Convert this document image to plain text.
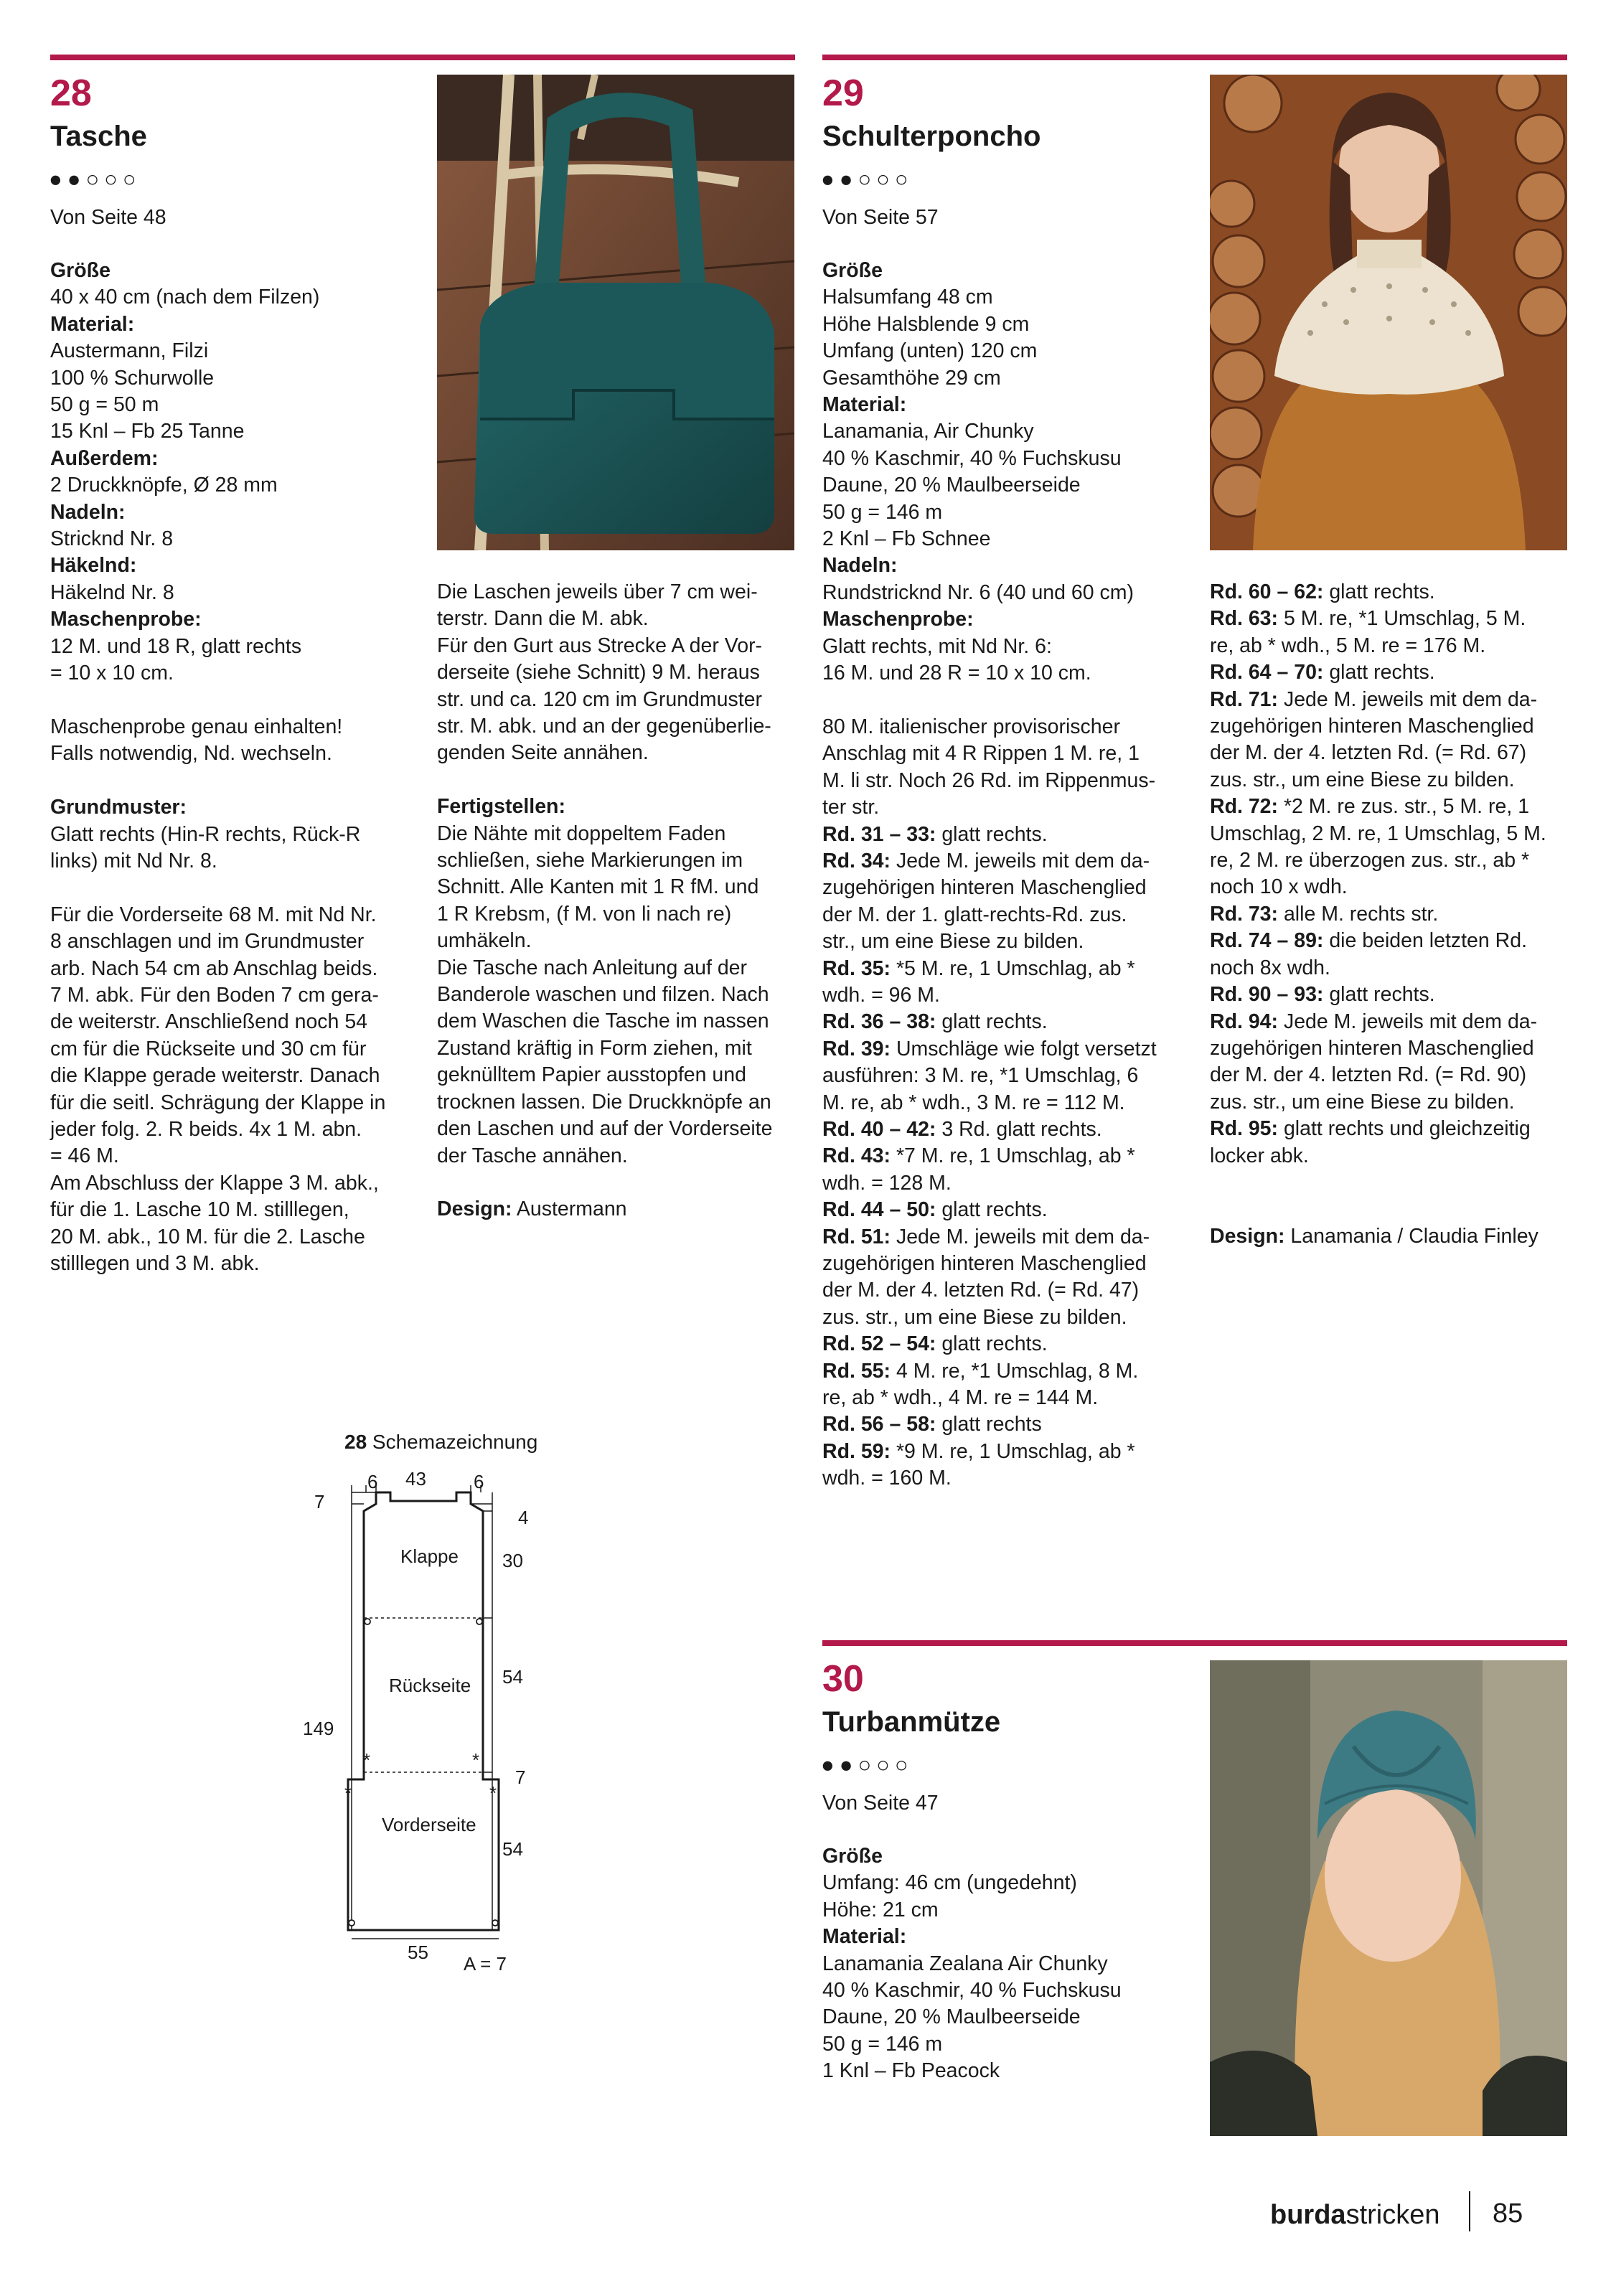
28
Tasche
●●○○○
Von Seite 48

Größe

40 x 40 cm (nach dem Filzen)

Material:

Austermann, Filzi

100 % Schurwolle

50 g = 50 m

15 Knl – Fb 25 Tanne

Außerdem:

2 Druckknöpfe, Ø 28 mm

Nadeln:

Stricknd Nr. 8

Häkelnd:

Häkelnd Nr. 8

Maschenprobe:

12 M. und 18 R, glatt rechts

= 10 x 10 cm.

Maschenprobe genau einhalten!

Falls notwendig, Nd. wechseln.

Grundmuster:

Glatt rechts (Hin-R rechts, Rück-R

links) mit Nd Nr. 8.

Für die Vorderseite 68 M. mit Nd Nr.

8 anschlagen und im Grundmuster

arb. Nach 54 cm ab Anschlag beids.

7 M. abk. Für den Boden 7 cm gera-

de weiterstr. Anschließend noch 54

cm für die Rückseite und 30 cm für

die Klappe gerade weiterstr. Danach

für die seitl. Schrägung der Klappe in

jeder folg. 2. R beids. 4x 1 M. abn.

= 46 M.

Am Abschluss der Klappe 3 M. abk.,

für die 1. Lasche 10 M. stilllegen,

20 M. abk., 10 M. für die 2. Lasche

stilllegen und 3 M. abk.

Die Laschen jeweils über 7 cm wei-

terstr. Dann die M. abk.

Für den Gurt aus Strecke A der Vor-

derseite (siehe Schnitt) 9 M. heraus

str. und ca. 120 cm im Grundmuster

str. M. abk. und an der gegenüberlie-

genden Seite annähen.

Fertigstellen:

Die Nähte mit doppeltem Faden

schließen, siehe Markierungen im

Schnitt. Alle Kanten mit 1 R fM. und

1 R Krebsm, (f M. von li nach re)

umhäkeln.

Die Tasche nach Anleitung auf der

Banderole waschen und filzen. Nach

dem Waschen die Tasche im nassen

Zustand kräftig in Form ziehen, mit

geknülltem Papier ausstopfen und

trocknen lassen. Die Druckknöpfe an

den Laschen und auf der Vorderseite

der Tasche annähen.

Design: Austermann

28 Schemazeichnung
6 43	6
7
4
30
54
7
54
149
55
A = 7
Klappe
Rückseite
Vorderseite
*	*
*	*
29
Schulterponcho
●●○○○
Von Seite 57

Größe

Halsumfang 48 cm

Höhe Halsblende 9 cm

Umfang (unten) 120 cm

Gesamthöhe 29 cm

Material:

Lanamania, Air Chunky

40 % Kaschmir, 40 % Fuchskusu

Daune, 20 % Maulbeerseide

50 g = 146 m

2 Knl – Fb Schnee

Nadeln:

Rundstricknd Nr. 6 (40 und 60 cm)

Maschenprobe:

Glatt rechts, mit Nd Nr. 6:

16 M. und 28 R = 10 x 10 cm.

80 M. italienischer provisorischer

Anschlag mit 4 R Rippen 1 M. re, 1

M. li str. Noch 26 Rd. im Rippenmus-

ter str.

Rd. 31 – 33: glatt rechts.

Rd. 34: Jede M. jeweils mit dem da-

zugehörigen hinteren Maschenglied

der M. der 1. glatt-rechts-Rd. zus.

str., um eine Biese zu bilden.

Rd. 35: *5 M. re, 1 Umschlag, ab *

wdh. = 96 M.

Rd. 36 – 38: glatt rechts.

Rd. 39: Umschläge wie folgt versetzt

ausführen: 3 M. re, *1 Umschlag, 6

M. re, ab * wdh., 3 M. re = 112 M.

Rd. 40 – 42: 3 Rd. glatt rechts.

Rd. 43: *7 M. re, 1 Umschlag, ab *

wdh. = 128 M.

Rd. 44 – 50: glatt rechts.

Rd. 51: Jede M. jeweils mit dem da-

zugehörigen hinteren Maschenglied

der M. der 4. letzten Rd. (= Rd. 47)

zus. str., um eine Biese zu bilden.

Rd. 52 – 54: glatt rechts.

Rd. 55: 4 M. re, *1 Umschlag, 8 M.

re, ab * wdh., 4 M. re = 144 M.

Rd. 56 – 58: glatt rechts

Rd. 59: *9 M. re, 1 Umschlag, ab *

wdh. = 160 M.

Rd. 60 – 62: glatt rechts.

Rd. 63: 5 M. re, *1 Umschlag, 5 M.

re, ab * wdh., 5 M. re = 176 M.

Rd. 64 – 70: glatt rechts.

Rd. 71: Jede M. jeweils mit dem da-

zugehörigen hinteren Maschenglied

der M. der 4. letzten Rd. (= Rd. 67)

zus. str., um eine Biese zu bilden.

Rd. 72: *2 M. re zus. str., 5 M. re, 1

Umschlag, 2 M. re, 1 Umschlag, 5 M.

re, 2 M. re überzogen zus. str., ab *

noch 10 x wdh.

Rd. 73: alle M. rechts str.

Rd. 74 – 89: die beiden letzten Rd.

noch 8x wdh.

Rd. 90 – 93: glatt rechts.

Rd. 94: Jede M. jeweils mit dem da-

zugehörigen hinteren Maschenglied

der M. der 4. letzten Rd. (= Rd. 90)

zus. str., um eine Biese zu bilden.

Rd. 95: glatt rechts und gleichzeitig

locker abk.

Design: Lanamania / Claudia Finley

30
Turbanmütze
●●○○○
Von Seite 47

Größe

Umfang: 46 cm (ungedehnt)

Höhe: 21 cm

Material:

Lanamania Zealana Air Chunky

40 % Kaschmir, 40 % Fuchskusu

Daune, 20 % Maulbeerseide

50 g = 146 m

1 Knl – Fb Peacock

burdastricken 85
